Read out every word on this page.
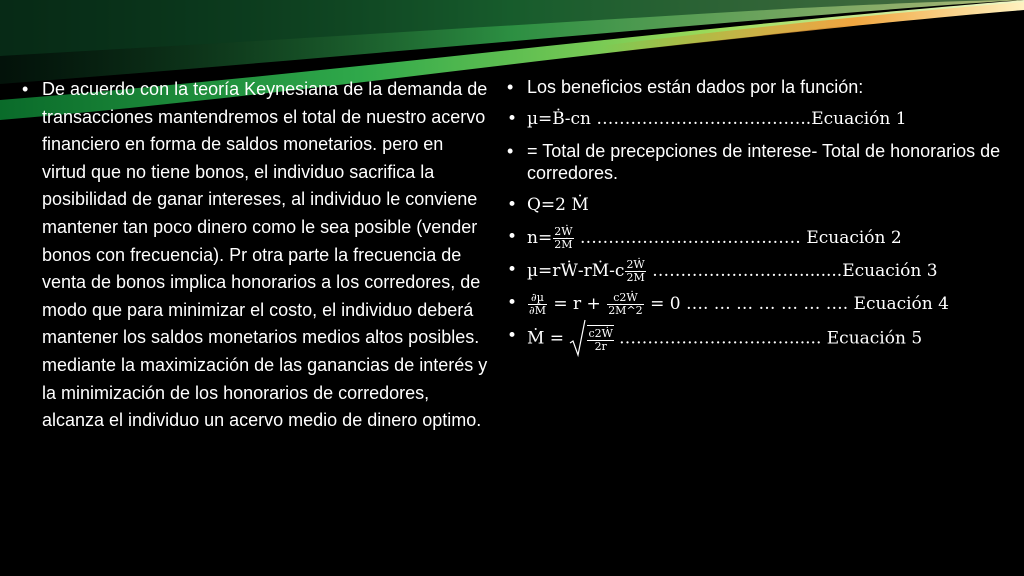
• De acuerdo con la teoría Keynesiana de la demanda de transacciones mantendremos el total de nuestro acervo financiero en forma de saldos monetarios. pero en virtud que no tiene bonos, el individuo sacrifica la posibilidad de ganar intereses, al individuo le conviene mantener tan poco dinero como le sea posible (vender bonos con frecuencia). Pr otra parte la frecuencia de venta de bonos implica honorarios a los corredores, de modo que para minimizar el costo, el individuo deberá mantener los saldos monetarios medios altos posibles. mediante la maximización de las ganancias de interés y la minimización de los honorarios de corredores, alcanza el individuo un acervo medio de dinero optimo.
• Los beneficios están dados por la función:
• µ=Ḃ-cn ………………………………..Ecuación 1
• = Total de precepciones de interese- Total de honorarios de corredores.
• Q=2 Ṁ
• $n= \frac{\text{2Ẇ}}{\text{2Ṁ}}$ ………………………………… Ecuación 2
• µ=rẆ-rṀ-c $\frac{\text{2Ẇ}}{\text{2Ṁ}}$ ……………………..........Ecuación 3
• $\frac{\text{∂µ}}{\text{∂Ṁ}} = r + \frac{\text{c2Ẇ}}{\text{2Ṁ\textasciicircum{}2}} = 0$ …. … … … … … …. Ecuación 4
• Ṁ = $\frac{\text{c2Ẇ}}{2r}$ …………………………...... Ecuación 5
